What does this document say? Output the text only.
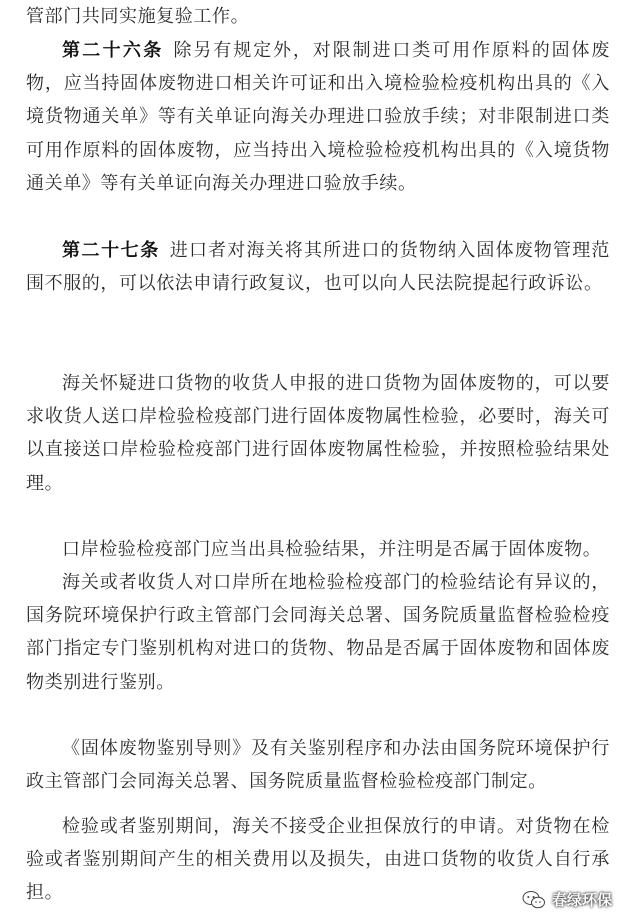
管部门共同实施复验工作。

第二十六条 除另有规定外，对限制进口类可用作原料的固体废物，应当持固体废物进口相关许可证和出入境检验检疫机构出具的《入境货物通关单》等有关单证向海关办理进口验放手续；对非限制进口类可用作原料的固体废物，应当持出入境检验检疫机构出具的《入境货物通关单》等有关单证向海关办理进口验放手续。

第二十七条 进口者对海关将其所进口的货物纳入固体废物管理范围不服的，可以依法申请行政复议，也可以向人民法院提起行政诉讼。

海关怀疑进口货物的收货人申报的进口货物为固体废物的，可以要求收货人送口岸检验检疫部门进行固体废物属性检验，必要时，海关可以直接送口岸检验检疫部门进行固体废物属性检验，并按照检验结果处理。

口岸检验检疫部门应当出具检验结果，并注明是否属于固体废物。

海关或者收货人对口岸所在地检验检疫部门的检验结论有异议的，国务院环境保护行政主管部门会同海关总署、国务院质量监督检验检疫部门指定专门鉴别机构对进口的货物、物品是否属于固体废物和固体废物类别进行鉴别。

《固体废物鉴别导则》及有关鉴别程序和办法由国务院环境保护行政主管部门会同海关总署、国务院质量监督检验检疫部门制定。

检验或者鉴别期间，海关不接受企业担保放行的申请。对货物在检验或者鉴别期间产生的相关费用以及损失，由进口货物的收货人自行承担。	春绿环保
